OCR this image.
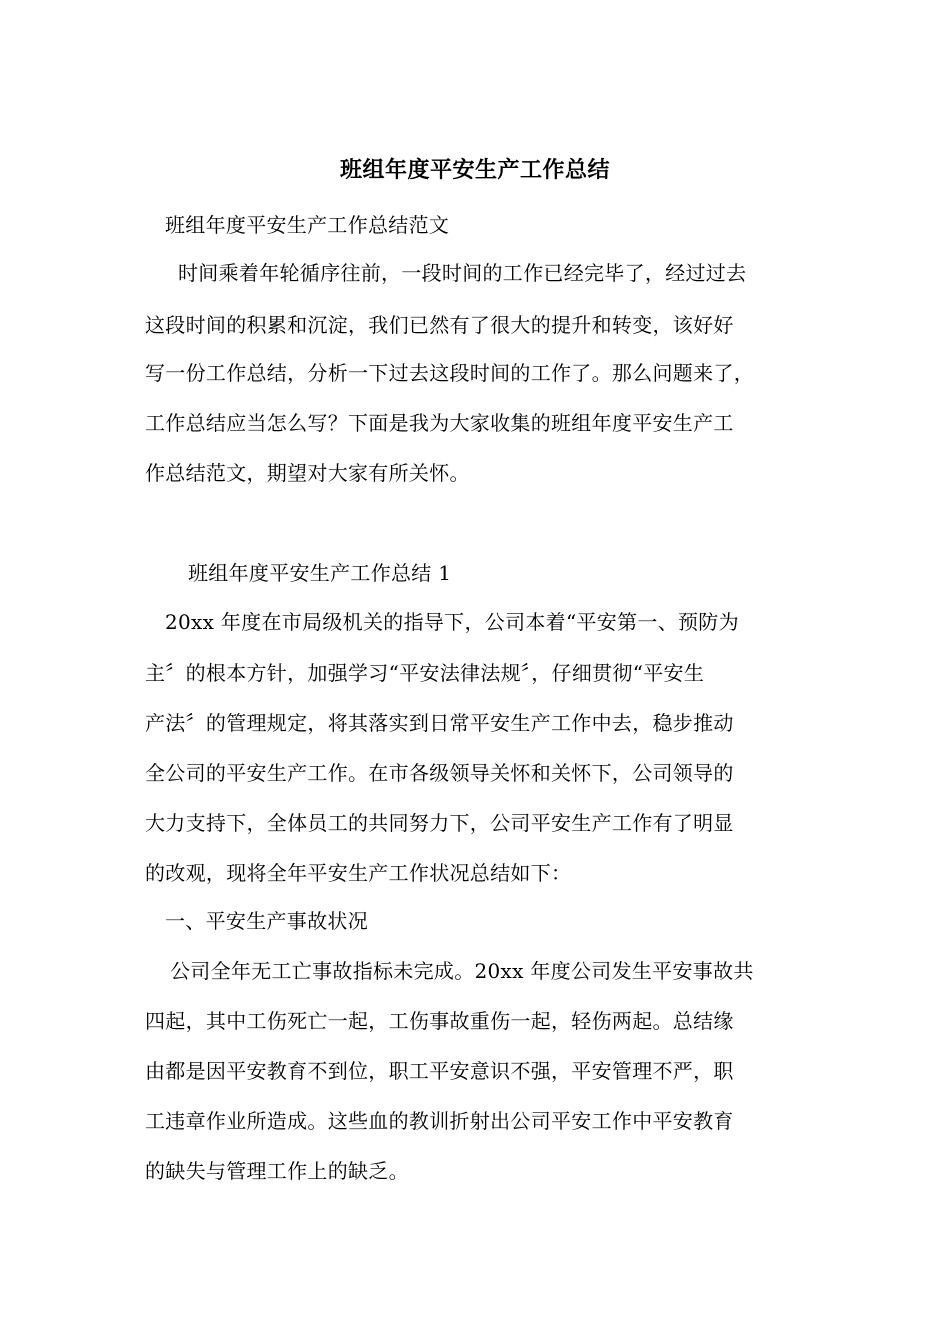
班组年度平安生产工作总结
班组年度平安生产工作总结范文
时间乘着年轮循序往前，一段时间的工作已经完毕了，经过过去
这段时间的积累和沉淀，我们已然有了很大的提升和转变，该好好
写一份工作总结，分析一下过去这段时间的工作了。那么问题来了，
工作总结应当怎么写？下面是我为大家收集的班组年度平安生产工
作总结范文，期望对大家有所关怀。
班组年度平安生产工作总结 1
20xx 年度在市局级机关的指导下，公司本着“平安第一、预防为
主〞的根本方针，加强学习“平安法律法规〞，仔细贯彻“平安生
产法〞的管理规定，将其落实到日常平安生产工作中去，稳步推动
全公司的平安生产工作。在市各级领导关怀和关怀下，公司领导的
大力支持下，全体员工的共同努力下，公司平安生产工作有了明显
的改观，现将全年平安生产工作状况总结如下：
一、平安生产事故状况
公司全年无工亡事故指标未完成。20xx 年度公司发生平安事故共
四起，其中工伤死亡一起，工伤事故重伤一起，轻伤两起。总结缘
由都是因平安教育不到位，职工平安意识不强，平安管理不严，职
工违章作业所造成。这些血的教训折射出公司平安工作中平安教育
的缺失与管理工作上的缺乏。
